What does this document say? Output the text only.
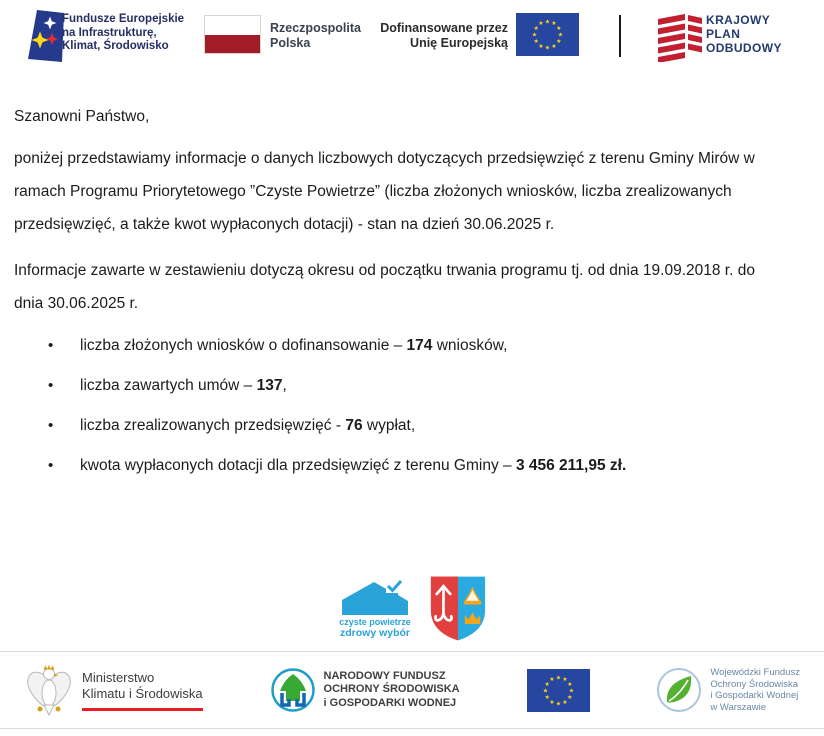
Fundusze Europejskie
na Infrastrukturę,
Klimat, Środowisko
Rzeczpospolita
Polska
Dofinansowane przez
Unię Europejską
★ ★
★
★
★
★
★
★
★
★
★
★	KRAJOWY
PLAN
ODBUDOWY

Szanowni Państwo,

poniżej przedstawiamy informacje o danych liczbowych dotyczących przedsięwzięć z terenu Gminy Mirów w ramach Programu Priorytetowego ”Czyste Powietrze” (liczba złożonych wniosków, liczba zrealizowanych przedsięwzięć, a także kwot wypłaconych dotacji) - stan na dzień 30.06.2025 r.

Informacje zawarte w zestawieniu dotyczą okresu od początku trwania programu tj. od dnia 19.09.2018 r. do dnia 30.06.2025 r.

•
liczba złożonych wniosków o dofinansowanie – 174 wniosków,
•
liczba zawartych umów – 137,
•
liczba zrealizowanych przedsięwzięć - 76 wypłat,
•
kwota wypłaconych dotacji dla przedsięwzięć z terenu Gminy – 3 456 211,95 zł.
czyste powietrze
zdrowy wybór
Ministerstwo
Klimatu i Środowiska
NARODOWY FUNDUSZ
OCHRONY ŚRODOWISKA
i GOSPODARKI WODNEJ
★ ★
★
★
★
★
★
★
★
★
★
★
Wojewódzki Fundusz
Ochrony Środowiska
i Gospodarki Wodnej
w Warszawie
